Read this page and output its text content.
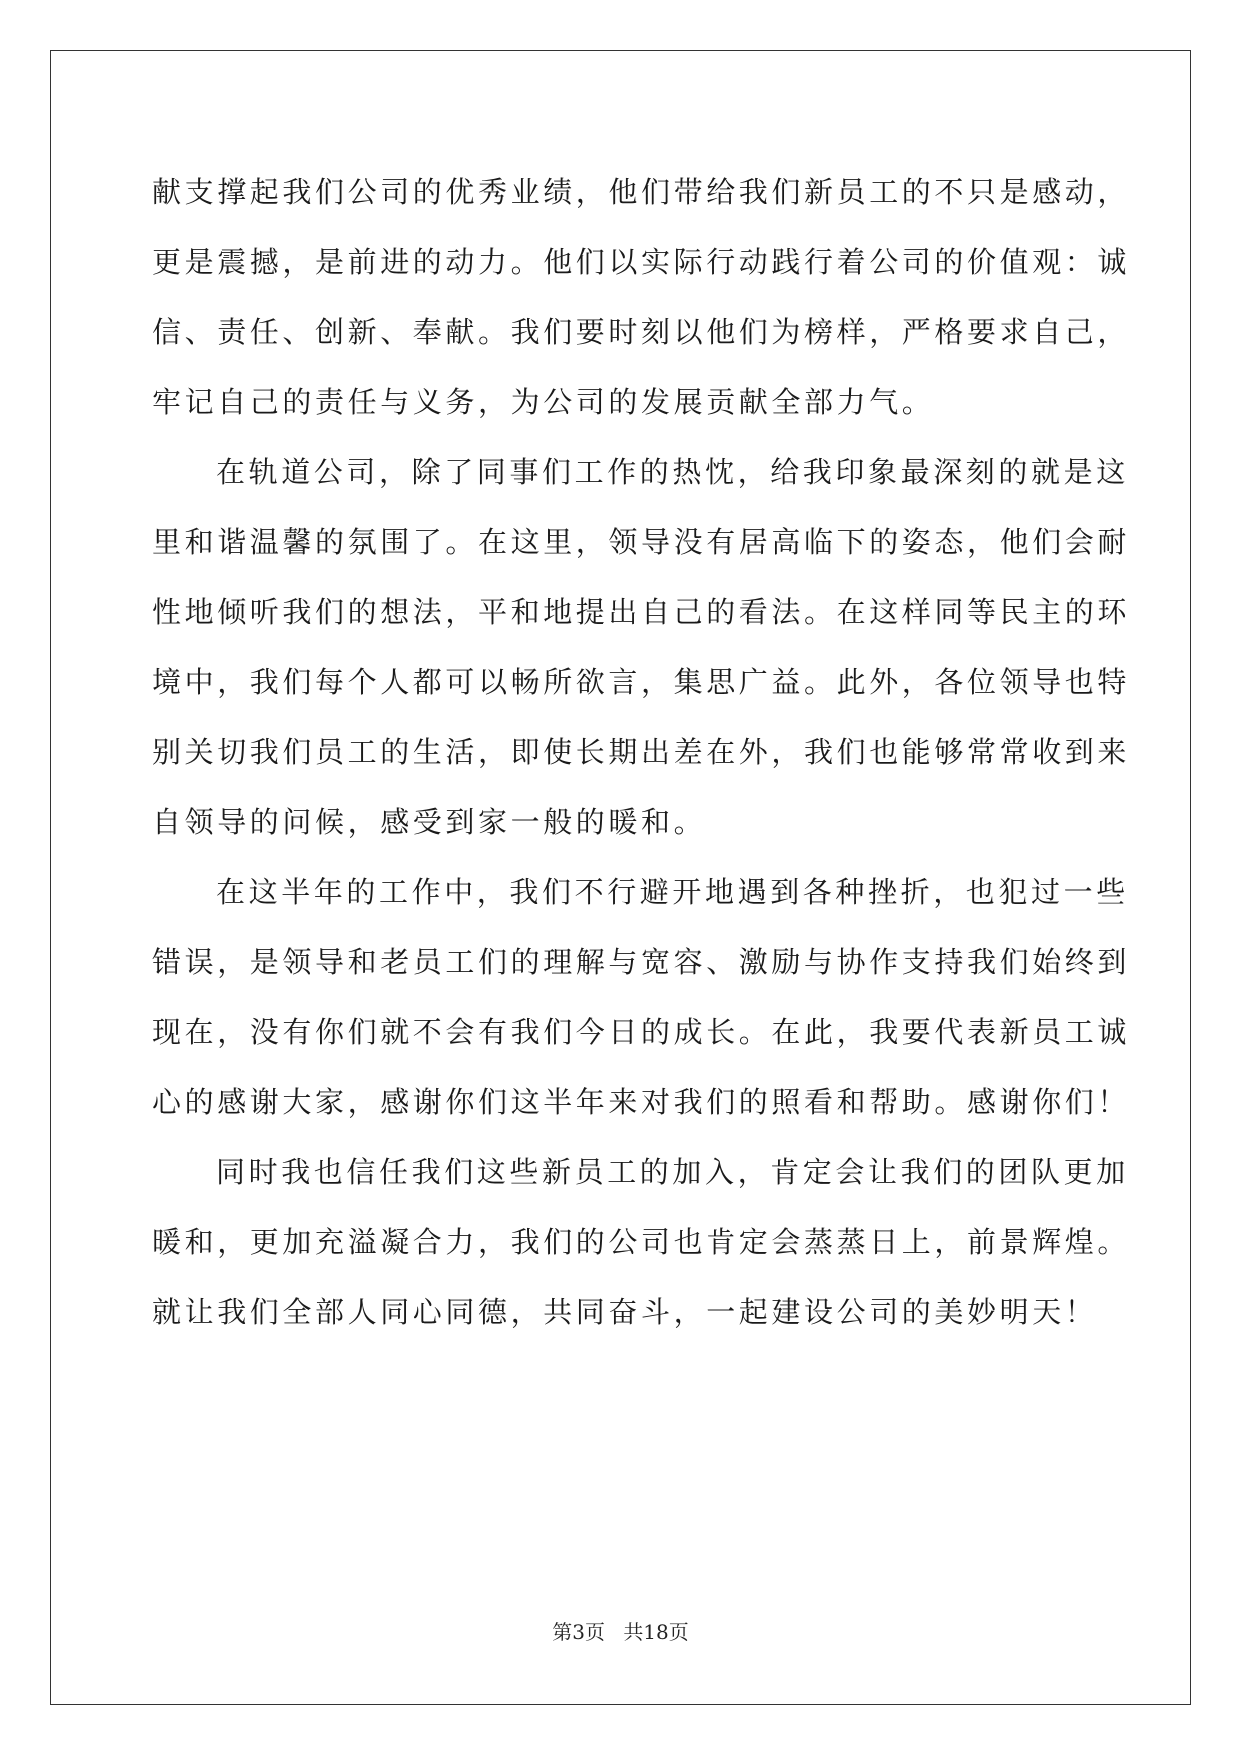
献支撑起我们公司的优秀业绩，他们带给我们新员工的不只是感动，
更是震撼，是前进的动力。他们以实际行动践行着公司的价值观：诚
信、责任、创新、奉献。我们要时刻以他们为榜样，严格要求自己，
牢记自己的责任与义务，为公司的发展贡献全部力气。
在轨道公司，除了同事们工作的热忱，给我印象最深刻的就是这
里和谐温馨的氛围了。在这里，领导没有居高临下的姿态，他们会耐
性地倾听我们的想法，平和地提出自己的看法。在这样同等民主的环
境中，我们每个人都可以畅所欲言，集思广益。此外，各位领导也特
别关切我们员工的生活，即使长期出差在外，我们也能够常常收到来
自领导的问候，感受到家一般的暖和。
在这半年的工作中，我们不行避开地遇到各种挫折，也犯过一些
错误，是领导和老员工们的理解与宽容、激励与协作支持我们始终到
现在，没有你们就不会有我们今日的成长。在此，我要代表新员工诚
心的感谢大家，感谢你们这半年来对我们的照看和帮助。感谢你们！
同时我也信任我们这些新员工的加入，肯定会让我们的团队更加
暖和，更加充溢凝合力，我们的公司也肯定会蒸蒸日上，前景辉煌。
就让我们全部人同心同德，共同奋斗，一起建设公司的美妙明天！
第3页 共18页
